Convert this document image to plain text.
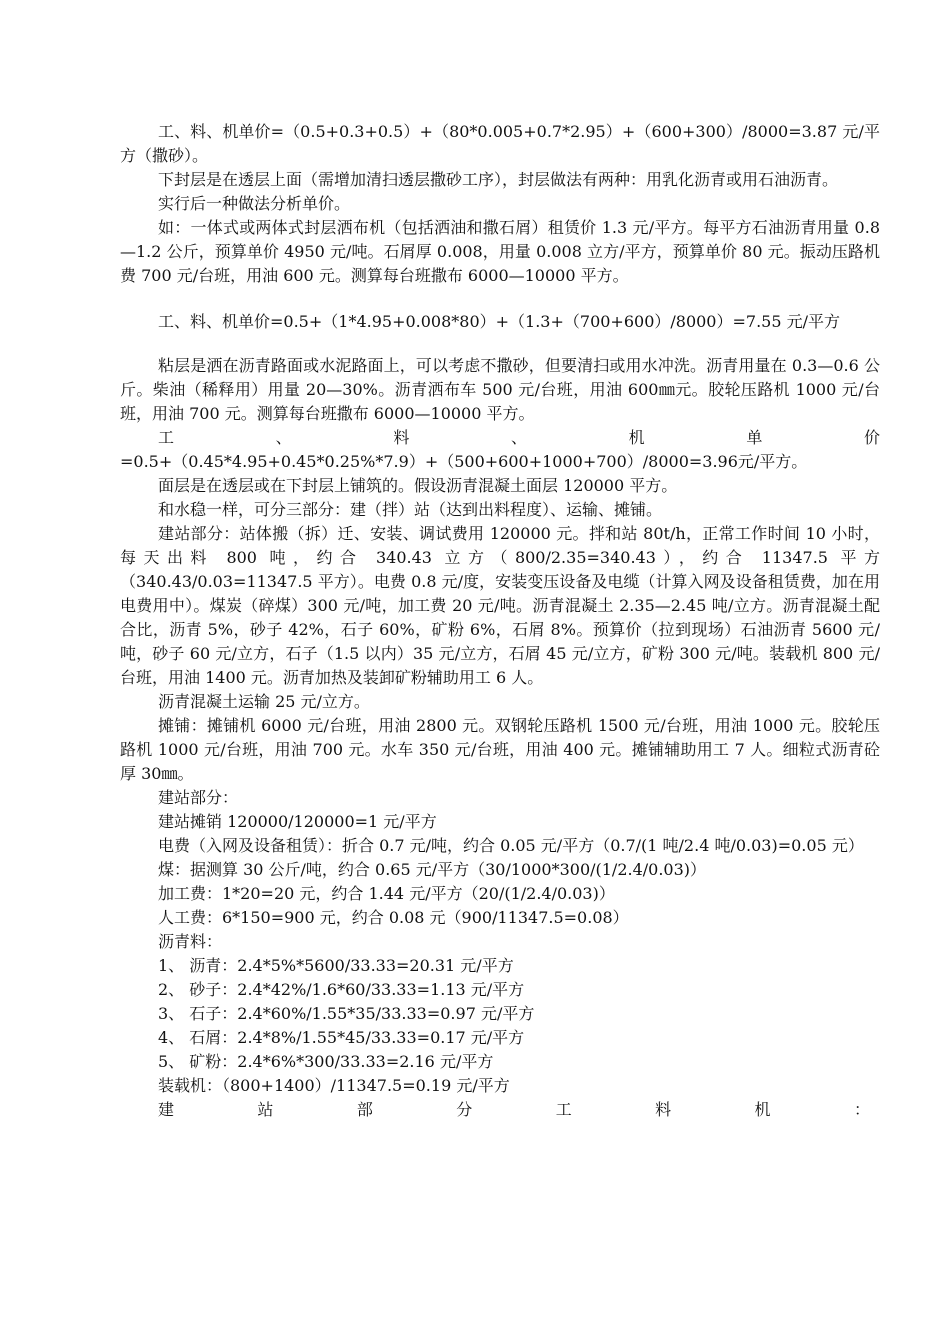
工、料、机单价=（0.5+0.3+0.5）+（80*0.005+0.7*2.95）+（600+300）/8000=3.87 元/平方（撒砂）。

下封层是在透层上面（需增加清扫透层撒砂工序），封层做法有两种：用乳化沥青或用石油沥青。

实行后一种做法分析单价。

如：一体式或两体式封层洒布机（包括洒油和撒石屑）租赁价 1.3 元/平方。每平方石油沥青用量 0.8—1.2 公斤，预算单价 4950 元/吨。石屑厚 0.008，用量 0.008 立方/平方，预算单价 80 元。振动压路机费 700 元/台班，用油 600 元。测算每台班撒布 6000—10000 平方。

工、料、机单价=0.5+（1*4.95+0.008*80）+（1.3+（700+600）/8000）=7.55 元/平方

粘层是洒在沥青路面或水泥路面上，可以考虑不撒砂，但要清扫或用水冲洗。沥青用量在 0.3—0.6 公斤。柴油（稀释用）用量 20—30%。沥青洒布车 500 元/台班，用油 600㎜元。胶轮压路机 1000 元/台班，用油 700 元。测算每台班撒布 6000—10000 平方。

工、料、机单价=0.5+（0.45*4.95+0.45*0.25%*7.9）+（500+600+1000+700）/8000=3.96元/平方。

面层是在透层或在下封层上铺筑的。假设沥青混凝土面层 120000 平方。

和水稳一样，可分三部分：建（拌）站（达到出料程度）、运输、摊铺。

建站部分：站体搬（拆）迁、安装、调试费用 120000 元。拌和站 80t/h，正常工作时间 10 小时，每天出料 800 吨，约合 340.43 立方（800/2.35=340.43），约合 11347.5 平方（340.43/0.03=11347.5 平方）。电费 0.8 元/度，安装变压设备及电缆（计算入网及设备租赁费，加在用电费用中）。煤炭（碎煤）300 元/吨，加工费 20 元/吨。沥青混凝土 2.35—2.45 吨/立方。沥青混凝土配合比，沥青 5%，砂子 42%，石子 60%，矿粉 6%，石屑 8%。预算价（拉到现场）石油沥青 5600 元/吨，砂子 60 元/立方，石子（1.5 以内）35 元/立方，石屑 45 元/立方，矿粉 300 元/吨。装载机 800 元/台班，用油 1400 元。沥青加热及装卸矿粉辅助用工 6 人。

沥青混凝土运输 25 元/立方。

摊铺：摊铺机 6000 元/台班，用油 2800 元。双钢轮压路机 1500 元/台班，用油 1000 元。胶轮压路机 1000 元/台班，用油 700 元。水车 350 元/台班，用油 400 元。摊铺辅助用工 7 人。细粒式沥青砼厚 30㎜。

建站部分：

建站摊销 120000/120000=1 元/平方

电费（入网及设备租赁）：折合 0.7 元/吨，约合 0.05 元/平方（0.7/(1 吨/2.4 吨/0.03)=0.05 元）

煤：据测算 30 公斤/吨，约合 0.65 元/平方（30/1000*300/(1/2.4/0.03)）

加工费：1*20=20 元，约合 1.44 元/平方（20/(1/2.4/0.03)）

人工费：6*150=900 元，约合 0.08 元（900/11347.5=0.08）

沥青料：

1、 沥青：2.4*5%*5600/33.33=20.31 元/平方

2、 砂子：2.4*42%/1.6*60/33.33=1.13 元/平方

3、 石子：2.4*60%/1.55*35/33.33=0.97 元/平方

4、 石屑：2.4*8%/1.55*45/33.33=0.17 元/平方

5、 矿粉：2.4*6%*300/33.33=2.16 元/平方

装载机：（800+1400）/11347.5=0.19 元/平方

建	站	部	分	工	料	机	：
